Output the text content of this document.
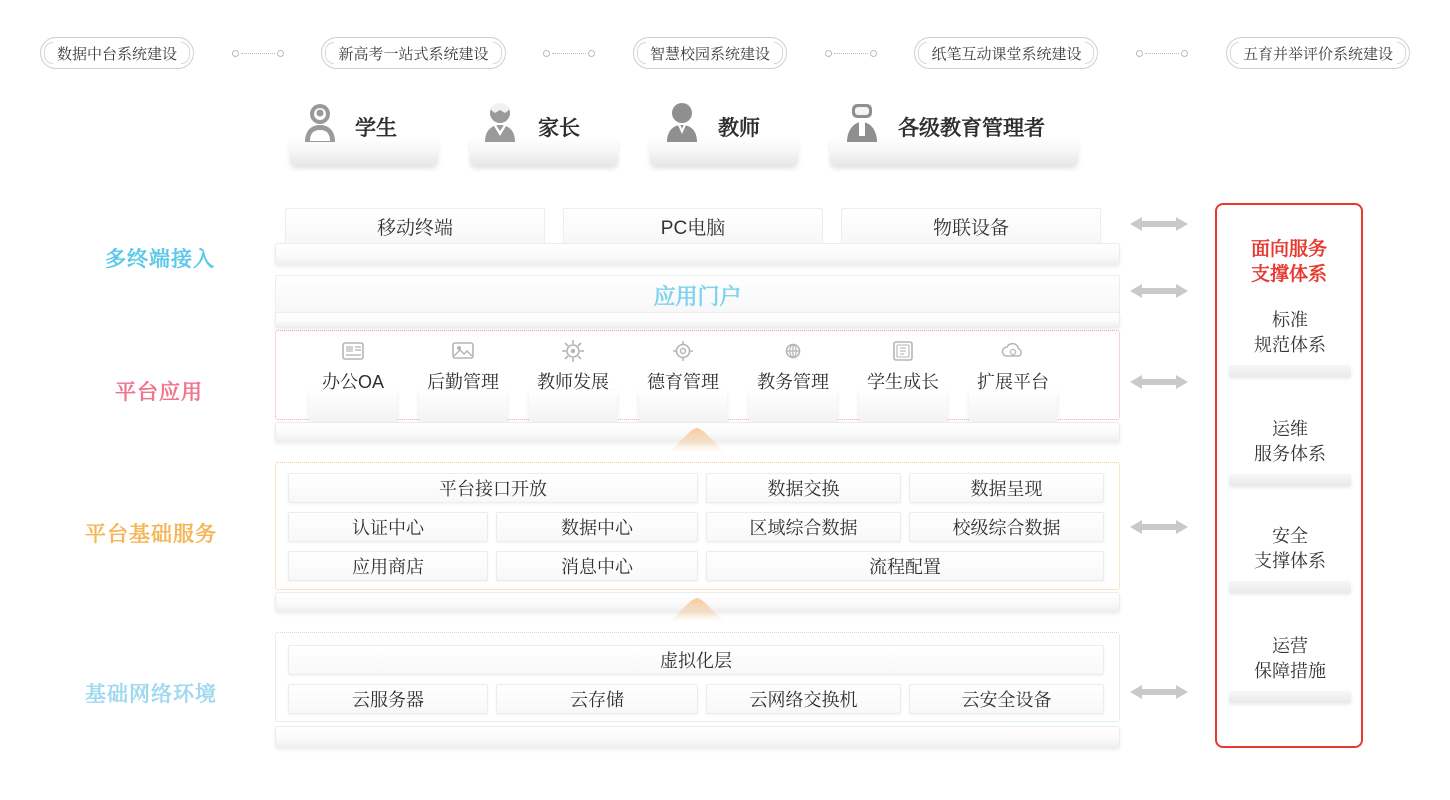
数据中台系统建设	新高考一站式系统建设	智慧校园系统建设	纸笔互动课堂系统建设	五育并举评价系统建设
学生	家长	教师	各级教育管理者
多终端接入
平台应用
平台基础服务
基础网络环境
移动终端	PC电脑	物联设备
应用门户
办公OA	后勤管理	教师发展	德育管理	教务管理	学生成长	扩展平台
平台接口开放	数据交换	数据呈现
认证中心	数据中心	区域综合数据	校级综合数据
应用商店	消息中心	流程配置
虚拟化层
云服务器	云存储	云网络交换机	云安全设备
面向服务
支撑体系
标准
规范体系
运维
服务体系
安全
支撑体系
运营
保障措施
